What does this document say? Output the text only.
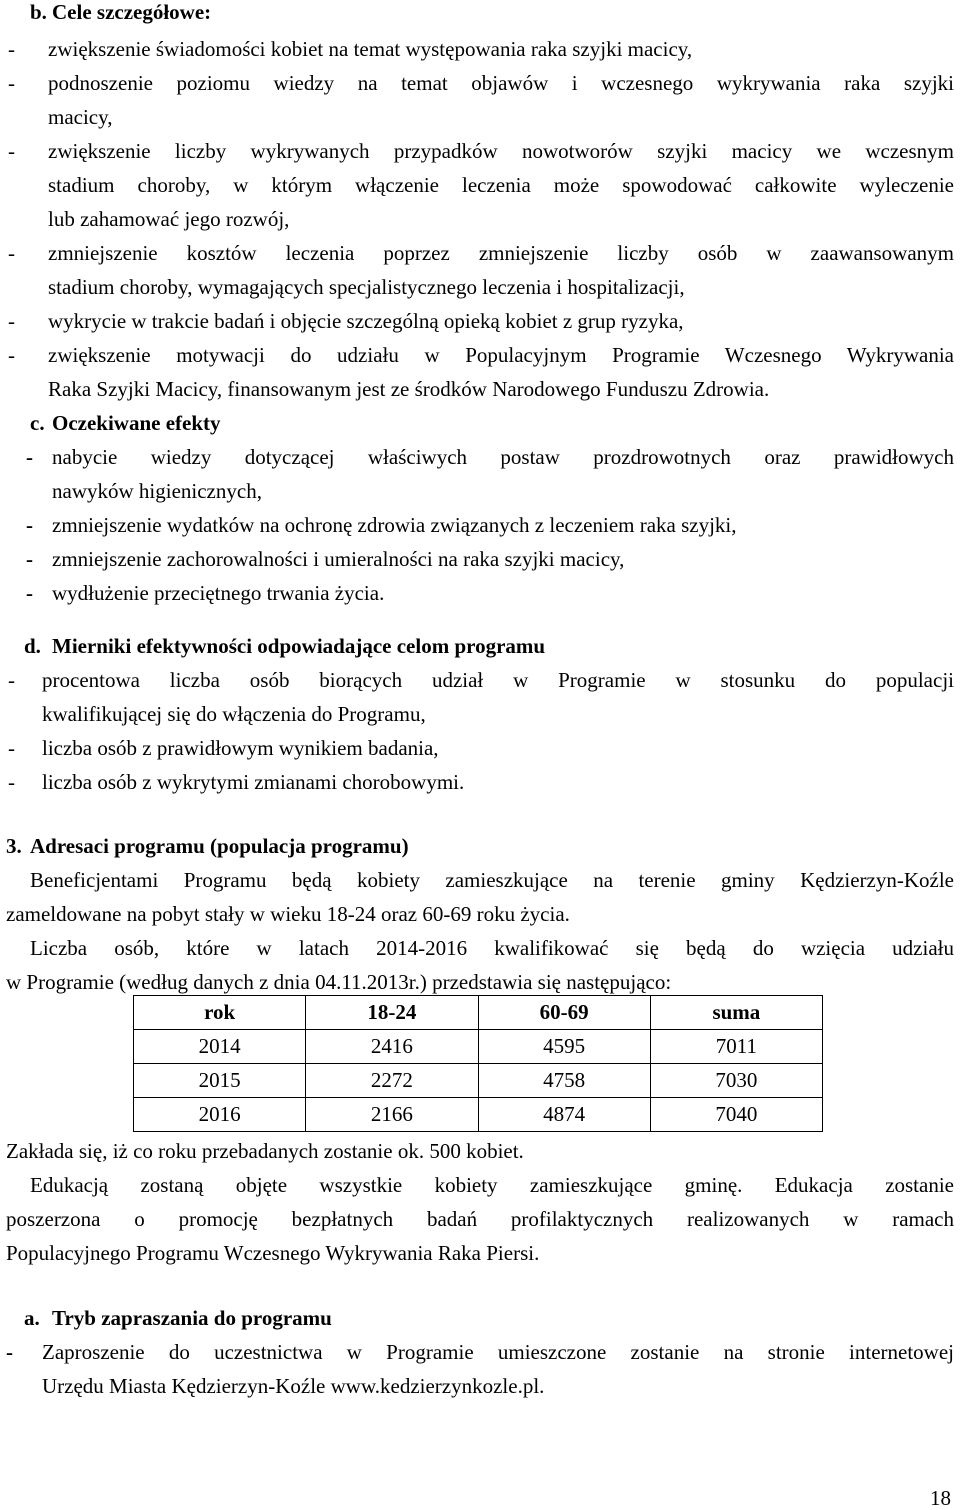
b. Cele szczegółowe:
- zwiększenie świadomości kobiet na temat występowania raka szyjki macicy,
- podnoszenie poziomu wiedzy na temat objawów i wczesnego wykrywania raka szyjki
macicy,
- zwiększenie liczby wykrywanych przypadków nowotworów szyjki macicy we wczesnym
stadium choroby, w którym włączenie leczenia może spowodować całkowite wyleczenie
lub zahamować jego rozwój,
- zmniejszenie kosztów leczenia poprzez zmniejszenie liczby osób w zaawansowanym
stadium choroby, wymagających specjalistycznego leczenia i hospitalizacji,
- wykrycie w trakcie badań i objęcie szczególną opieką kobiet z grup ryzyka,
- zwiększenie motywacji do udziału w Populacyjnym Programie Wczesnego Wykrywania
Raka Szyjki Macicy, finansowanym jest ze środków Narodowego Funduszu Zdrowia.
c. Oczekiwane efekty
- nabycie wiedzy dotyczącej właściwych postaw prozdrowotnych oraz prawidłowych
nawyków higienicznych,
- zmniejszenie wydatków na ochronę zdrowia związanych z leczeniem raka szyjki,
- zmniejszenie zachorowalności i umieralności na raka szyjki macicy,
- wydłużenie przeciętnego trwania życia.
d. Mierniki efektywności odpowiadające celom programu
- procentowa liczba osób biorących udział w Programie w stosunku do populacji
kwalifikującej się do włączenia do Programu,
- liczba osób z prawidłowym wynikiem badania,
- liczba osób z wykrytymi zmianami chorobowymi.
3. Adresaci programu (populacja programu)
Beneficjentami Programu będą kobiety zamieszkujące na terenie gminy Kędzierzyn-Koźle
zameldowane na pobyt stały w wieku 18-24 oraz 60-69 roku życia.
Liczba osób, które w latach 2014-2016 kwalifikować się będą do wzięcia udziału
w Programie (według danych z dnia 04.11.2013r.) przedstawia się następująco:
rok	18-24	60-69	suma
2014	2416	4595	7011
2015	2272	4758	7030
2016	2166	4874	7040
Zakłada się, iż co roku przebadanych zostanie ok. 500 kobiet.
Edukacją zostaną objęte wszystkie kobiety zamieszkujące gminę. Edukacja zostanie
poszerzona o promocję bezpłatnych badań profilaktycznych realizowanych w ramach
Populacyjnego Programu Wczesnego Wykrywania Raka Piersi.
a. Tryb zapraszania do programu
- Zaproszenie do uczestnictwa w Programie umieszczone zostanie na stronie internetowej
Urzędu Miasta Kędzierzyn-Koźle www.kedzierzynkozle.pl.
18
